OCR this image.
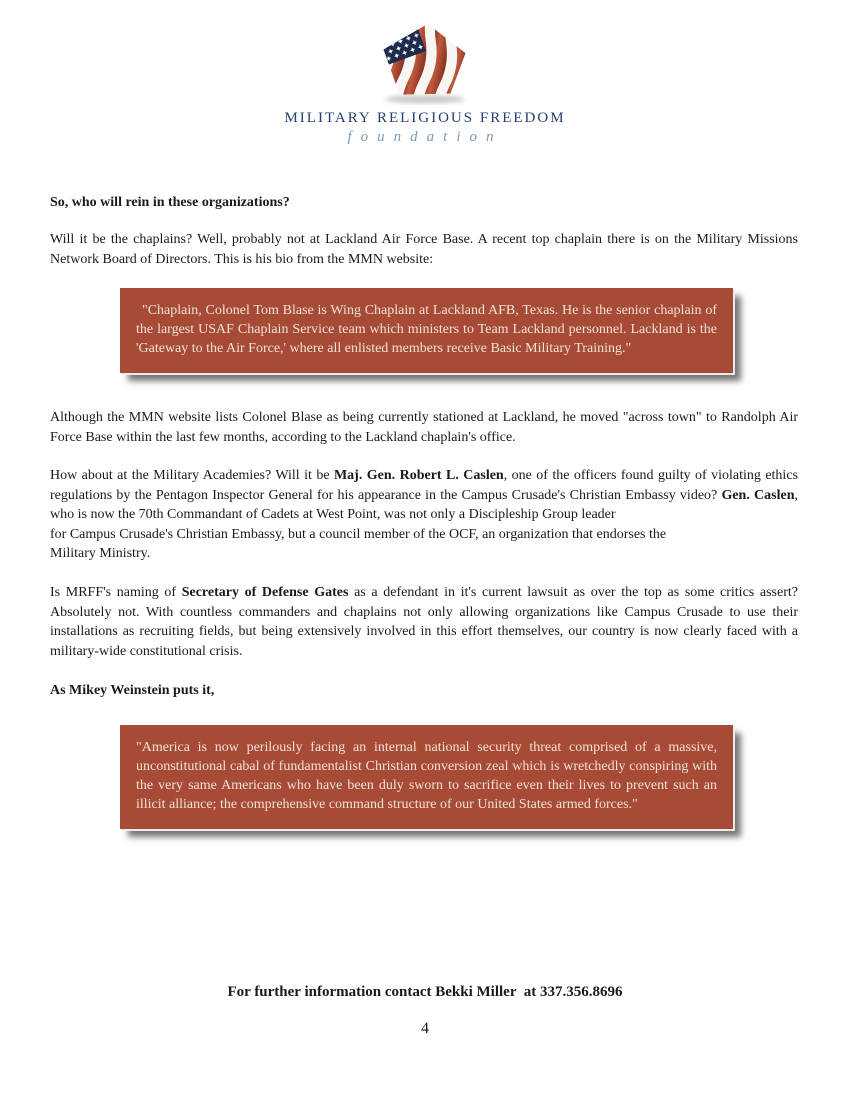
MILITARY RELIGIOUS FREEDOM
foundation
So, who will rein in these organizations?
Will it be the chaplains? Well, probably not at Lackland Air Force Base. A recent top chaplain there is on the Military Missions Network Board of Directors. This is his bio from the MMN website:
"Chaplain, Colonel Tom Blase is Wing Chaplain at Lackland AFB, Texas. He is the senior chaplain of the largest USAF Chaplain Service team which ministers to Team Lackland personnel. Lackland is the 'Gateway to the Air Force,' where all enlisted members receive Basic Military Training."
Although the MMN website lists Colonel Blase as being currently stationed at Lackland, he moved "across town" to Randolph Air Force Base within the last few months, according to the Lackland chaplain's office.
How about at the Military Academies? Will it be Maj. Gen. Robert L. Caslen, one of the officers found guilty of violating ethics regulations by the Pentagon Inspector General for his appearance in the Campus Crusade's Christian Embassy video? Gen. Caslen, who is now the 70th Commandant of Cadets at West Point, was not only a Discipleship Group leader
for Campus Crusade's Christian Embassy, but a council member of the OCF, an organization that endorses the
Military Ministry.
Is MRFF's naming of Secretary of Defense Gates as a defendant in it's current lawsuit as over the top as some critics assert? Absolutely not. With countless commanders and chaplains not only allowing organizations like Campus Crusade to use their installations as recruiting fields, but being extensively involved in this effort themselves, our country is now clearly faced with a military-wide constitutional crisis.
As Mikey Weinstein puts it,
"America is now perilously facing an internal national security threat comprised of a massive, unconstitutional cabal of fundamentalist Christian conversion zeal which is wretchedly conspiring with the very same Americans who have been duly sworn to sacrifice even their lives to prevent such an illicit alliance; the comprehensive command structure of our United States armed forces."
For further information contact Bekki Miller  at 337.356.8696
4
